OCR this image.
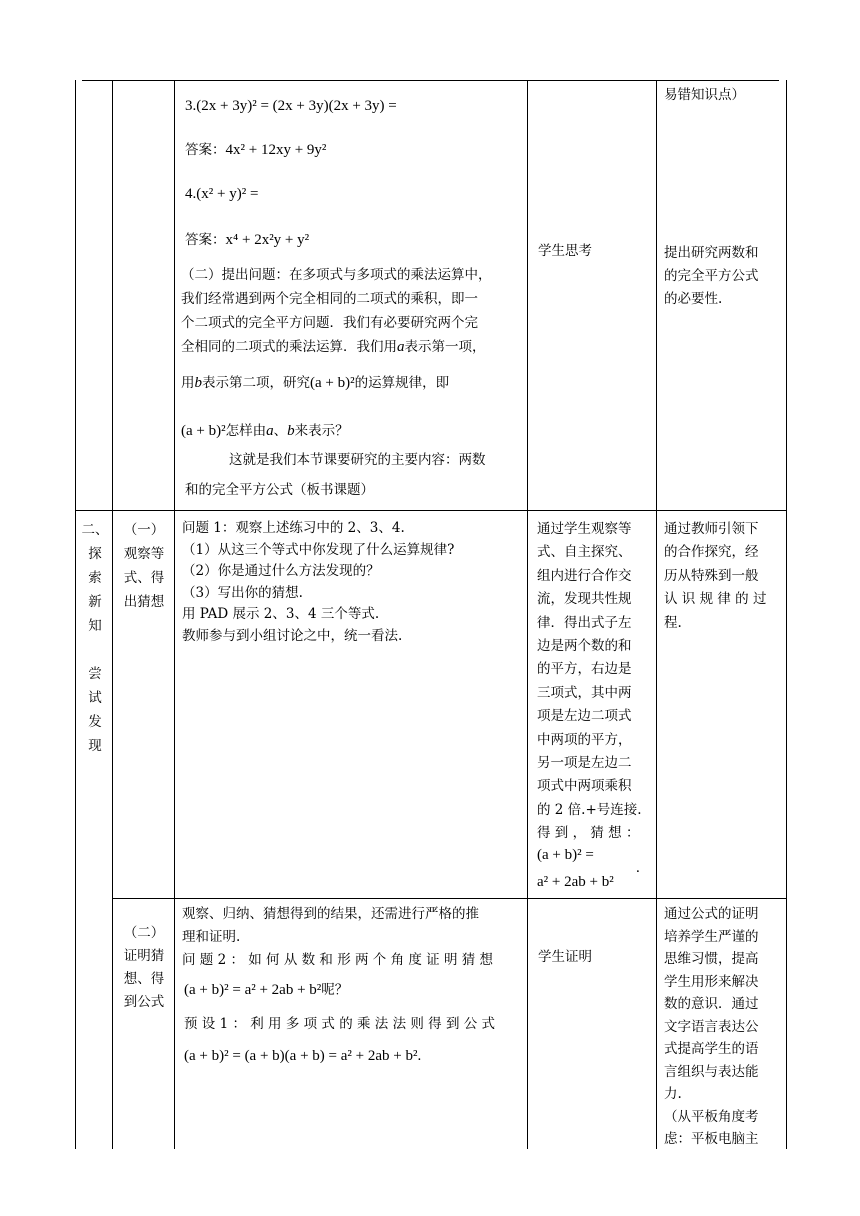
3.(2x + 3y)² = (2x + 3y)(2x + 3y) =
答案：4x² + 12xy + 9y²
4.(x² + y)² =
答案：x⁴ + 2x²y + y²
（二）提出问题：在多项式与多项式的乘法运算中，
我们经常遇到两个完全相同的二项式的乘积，即一
个二项式的完全平方问题．我们有必要研究两个完
全相同的二项式的乘法运算．我们用a表示第一项，
用b表示第二项，研究(a + b)²的运算规律，即
(a + b)²怎样由a、b来表示？
这就是我们本节课要研究的主要内容：两数
和的完全平方公式（板书课题）
学生思考
易错知识点）
提出研究两数和
的完全平方公式
的必要性.
二、
探
索
新
知
尝
试
发
现
（一）
观察等
式、得
出猜想
问题 1：观察上述练习中的 2、3、4.
（1）从这三个等式中你发现了什么运算规律?
（2）你是通过什么方法发现的？
（3）写出你的猜想.
用 PAD 展示 2、3、4 三个等式.
教师参与到小组讨论之中，统一看法.
通过学生观察等
式、自主探究、
组内进行合作交
流，发现共性规
律．得出式子左
边是两个数的和
的平方，右边是
三项式，其中两
项是左边二项式
中两项的平方，
另一项是左边二
项式中两项乘积
的 2 倍.+号连接.
得 到 ， 猜 想 ：
(a + b)² =
a² + 2ab + b²
.
通过教师引领下
的合作探究，经
历从特殊到一般
认 识 规 律 的 过
程.
（二）
证明猜
想、得
到公式
观察、归纳、猜想得到的结果，还需进行严格的推
理和证明.
问 题 2 ： 如 何 从 数 和 形 两 个 角 度 证 明 猜 想
(a + b)² = a² + 2ab + b²呢？
预 设 1 ： 利 用 多 项 式 的 乘 法 法 则 得 到 公 式
(a + b)² = (a + b)(a + b) = a² + 2ab + b².
学生证明
通过公式的证明
培养学生严谨的
思维习惯，提高
学生用形来解决
数的意识．通过
文字语言表达公
式提高学生的语
言组织与表达能
力.
（从平板角度考
虑：平板电脑主
